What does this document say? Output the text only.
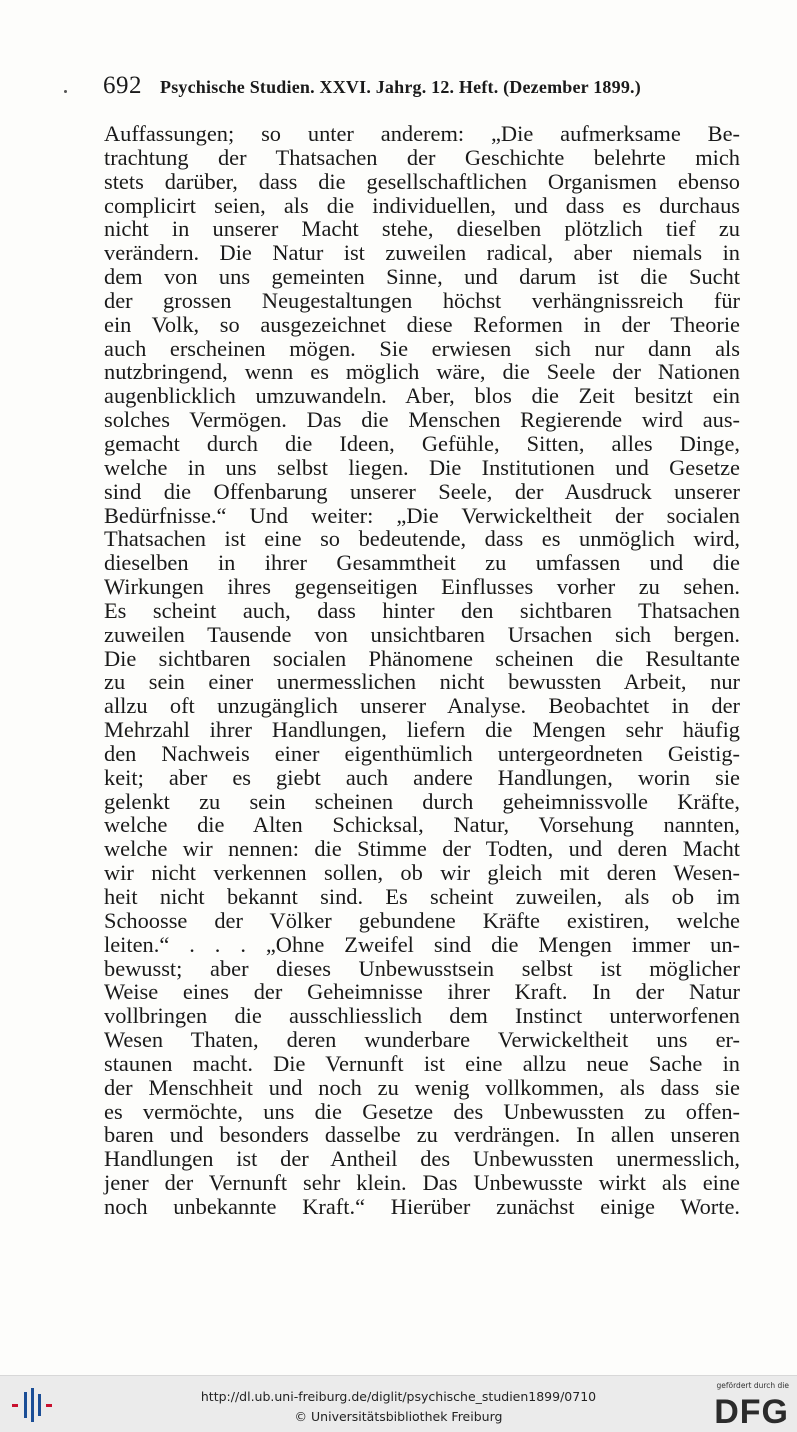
692 Psychische Studien. XXVI. Jahrg. 12. Heft. (Dezember 1899.)
Auffassungen; so unter anderem: „Die aufmerksame Be-
trachtung der Thatsachen der Geschichte belehrte mich
stets darüber, dass die gesellschaftlichen Organismen ebenso
complicirt seien, als die individuellen, und dass es durchaus
nicht in unserer Macht stehe, dieselben plötzlich tief zu
verändern. Die Natur ist zuweilen radical, aber niemals in
dem von uns gemeinten Sinne, und darum ist die Sucht
der grossen Neugestaltungen höchst verhängnissreich für
ein Volk, so ausgezeichnet diese Reformen in der Theorie
auch erscheinen mögen. Sie erwiesen sich nur dann als
nutzbringend, wenn es möglich wäre, die Seele der Nationen
augenblicklich umzuwandeln. Aber, blos die Zeit besitzt ein
solches Vermögen. Das die Menschen Regierende wird aus-
gemacht durch die Ideen, Gefühle, Sitten, alles Dinge,
welche in uns selbst liegen. Die Institutionen und Gesetze
sind die Offenbarung unserer Seele, der Ausdruck unserer
Bedürfnisse.“ Und weiter: „Die Verwickeltheit der socialen
Thatsachen ist eine so bedeutende, dass es unmöglich wird,
dieselben in ihrer Gesammtheit zu umfassen und die
Wirkungen ihres gegenseitigen Einflusses vorher zu sehen.
Es scheint auch, dass hinter den sichtbaren Thatsachen
zuweilen Tausende von unsichtbaren Ursachen sich bergen.
Die sichtbaren socialen Phänomene scheinen die Resultante
zu sein einer unermesslichen nicht bewussten Arbeit, nur
allzu oft unzugänglich unserer Analyse. Beobachtet in der
Mehrzahl ihrer Handlungen, liefern die Mengen sehr häufig
den Nachweis einer eigenthümlich untergeordneten Geistig-
keit; aber es giebt auch andere Handlungen, worin sie
gelenkt zu sein scheinen durch geheimnissvolle Kräfte,
welche die Alten Schicksal, Natur, Vorsehung nannten,
welche wir nennen: die Stimme der Todten, und deren Macht
wir nicht verkennen sollen, ob wir gleich mit deren Wesen-
heit nicht bekannt sind. Es scheint zuweilen, als ob im
Schoosse der Völker gebundene Kräfte existiren, welche
leiten.“ . . . „Ohne Zweifel sind die Mengen immer un-
bewusst; aber dieses Unbewusstsein selbst ist möglicher
Weise eines der Geheimnisse ihrer Kraft. In der Natur
vollbringen die ausschliesslich dem Instinct unterworfenen
Wesen Thaten, deren wunderbare Verwickeltheit uns er-
staunen macht. Die Vernunft ist eine allzu neue Sache in
der Menschheit und noch zu wenig vollkommen, als dass sie
es vermöchte, uns die Gesetze des Unbewussten zu offen-
baren und besonders dasselbe zu verdrängen. In allen unseren
Handlungen ist der Antheil des Unbewussten unermesslich,
jener der Vernunft sehr klein. Das Unbewusste wirkt als eine
noch unbekannte Kraft.“ Hierüber zunächst einige Worte.
http://dl.ub.uni-freiburg.de/diglit/psychische_studien1899/0710
© Universitätsbibliothek Freiburg
gefördert durch die
DFG
